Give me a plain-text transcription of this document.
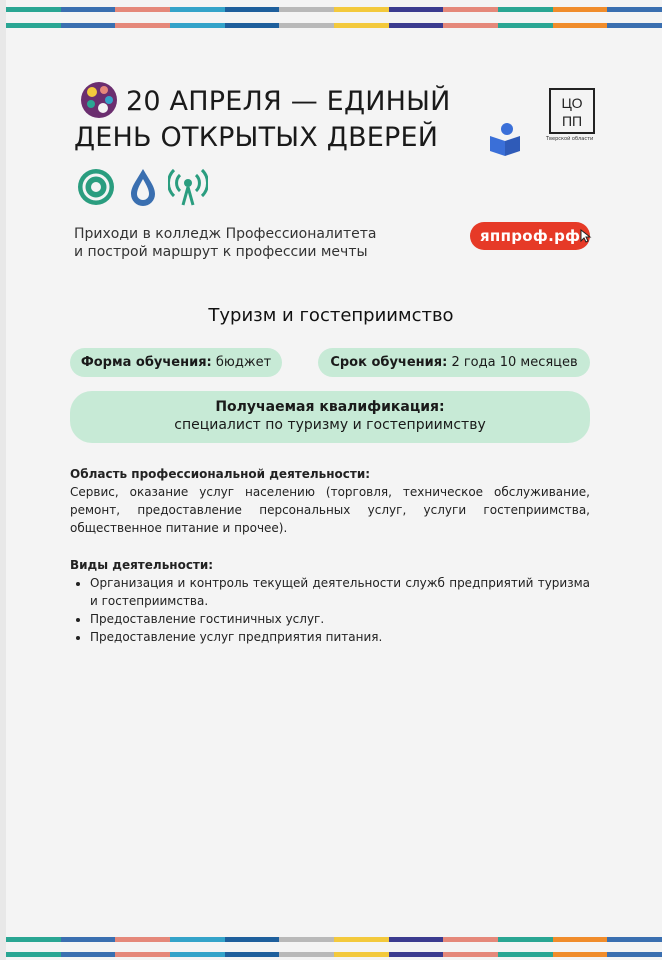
20 АПРЕЛЯ — ЕДИНЫЙ
ДЕНЬ ОТКРЫТЫХ ДВЕРЕЙ
ЦО
ПП
Тверской области
Приходи в колледж Профессионалитета
и построй маршрут к профессии мечты
яппроф.рф
Туризм и гостеприимство
Форма обучения: бюджет	Срок обучения: 2 года 10 месяцев
Получаемая квалификация:
специалист по туризму и гостеприимству
Область профессиональной деятельности:

Сервис, оказание услуг населению (торговля, техническое обслуживание, ремонт, предоставление персональных услуг, услуги гостеприимства, общественное питание и прочее).

Виды деятельности:
• Организация и контроль текущей деятельности служб предприятий туризма и гостеприимства.
• Предоставление гостиничных услуг.
• Предоставление услуг предприятия питания.
